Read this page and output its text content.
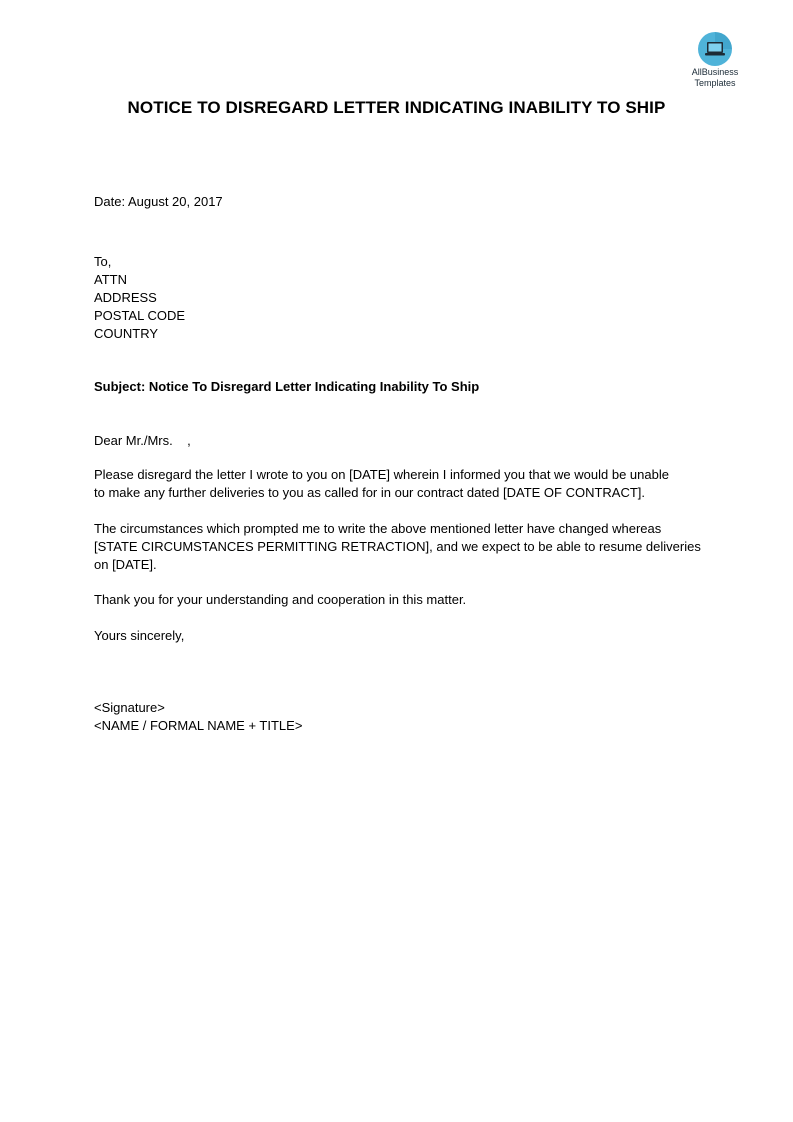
AllBusiness
Templates
NOTICE TO DISREGARD LETTER INDICATING INABILITY TO SHIP
Date: August 20, 2017
To,
ATTN
ADDRESS
POSTAL CODE
COUNTRY
Subject: Notice To Disregard Letter Indicating Inability To Ship
Dear Mr./Mrs.    ,
Please disregard the letter I wrote to you on [DATE] wherein I informed you that we would be unable
to make any further deliveries to you as called for in our contract dated [DATE OF CONTRACT].
The circumstances which prompted me to write the above mentioned letter have changed whereas
[STATE CIRCUMSTANCES PERMITTING RETRACTION], and we expect to be able to resume deliveries
on [DATE].
Thank you for your understanding and cooperation in this matter.
Yours sincerely,
<Signature>
<NAME / FORMAL NAME + TITLE>
